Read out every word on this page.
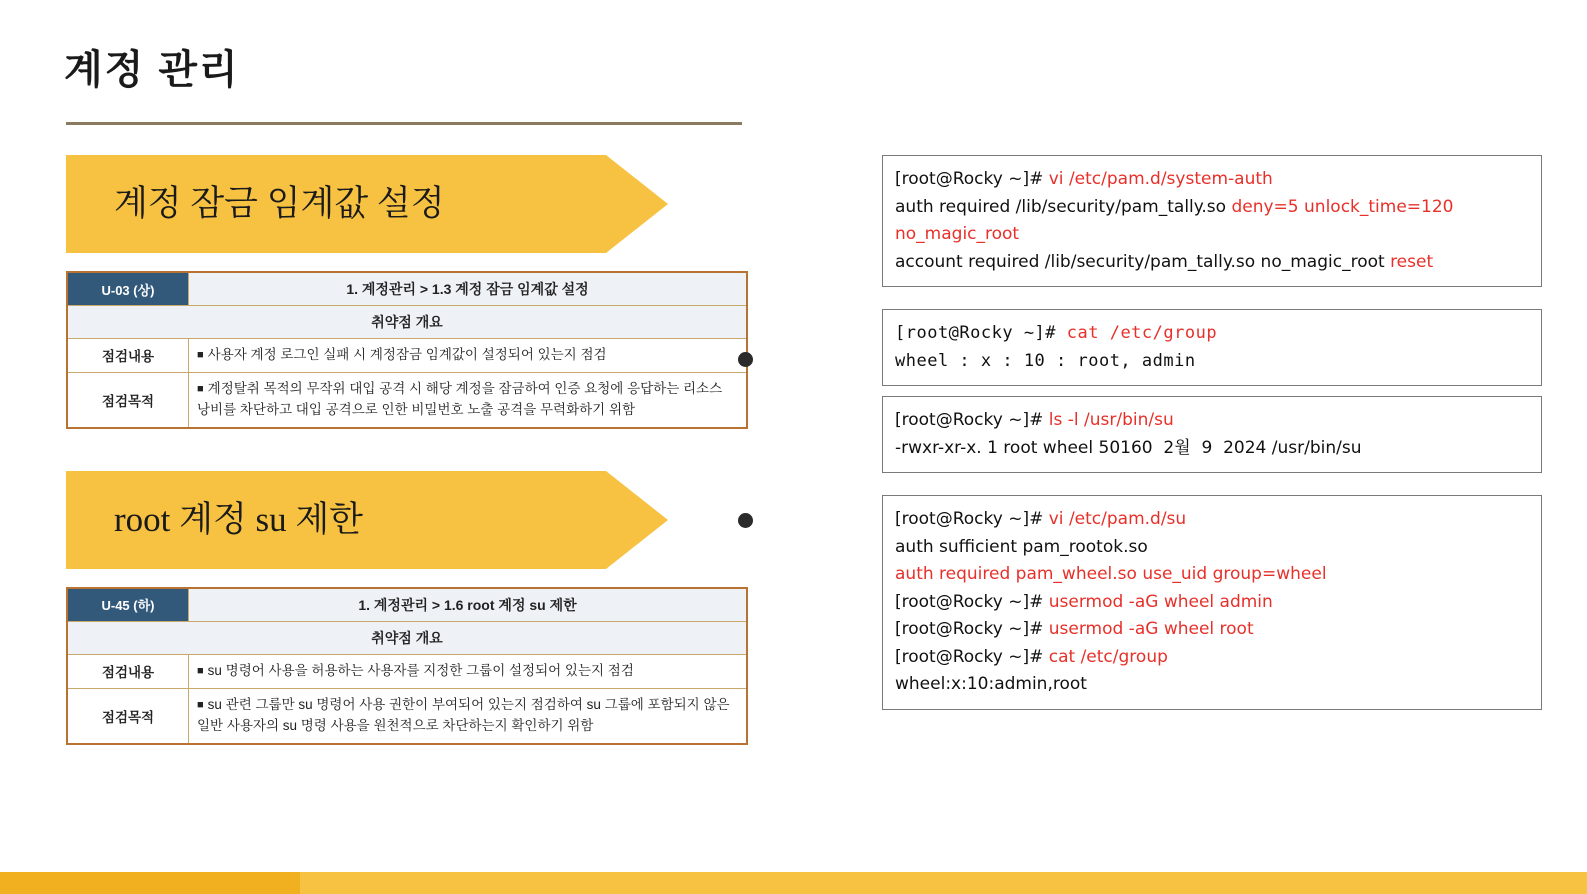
계정 관리
계정 잠금 임계값 설정
U-03 (상)	1. 계정관리 > 1.3 계정 잠금 임계값 설정
취약점 개요	
점검내용	■ 사용자 계정 로그인 실패 시 계정잠금 임계값이 설정되어 있는지 점검
점검목적	■ 계정탈취 목적의 무작위 대입 공격 시 해당 계정을 잠금하여 인증 요청에 응답하는 리소스 낭비를 차단하고 대입 공격으로 인한 비밀번호 노출 공격을 무력화하기 위함
root 계정 su 제한
U-45 (하)	1. 계정관리 > 1.6 root 계정 su 제한
취약점 개요	
점검내용	■ su 명령어 사용을 허용하는 사용자를 지정한 그룹이 설정되어 있는지 점검
점검목적	■ su 관련 그룹만 su 명령어 사용 권한이 부여되어 있는지 점검하여 su 그룹에 포함되지 않은 일반 사용자의 su 명령 사용을 원천적으로 차단하는지 확인하기 위함
[root@Rocky ~]# vi /etc/pam.d/system-auth
auth required /lib/security/pam_tally.so deny=5 unlock_time=120
no_magic_root
account required /lib/security/pam_tally.so no_magic_root reset
[root@Rocky ~]# cat /etc/group
wheel : x : 10 : root, admin
[root@Rocky ~]# ls -l /usr/bin/su
-rwxr-xr-x. 1 root wheel 50160  2월  9  2024 /usr/bin/su
[root@Rocky ~]# vi /etc/pam.d/su
auth sufficient pam_rootok.so
auth required pam_wheel.so use_uid group=wheel
[root@Rocky ~]# usermod -aG wheel admin
[root@Rocky ~]# usermod -aG wheel root
[root@Rocky ~]# cat /etc/group
wheel:x:10:admin,root
